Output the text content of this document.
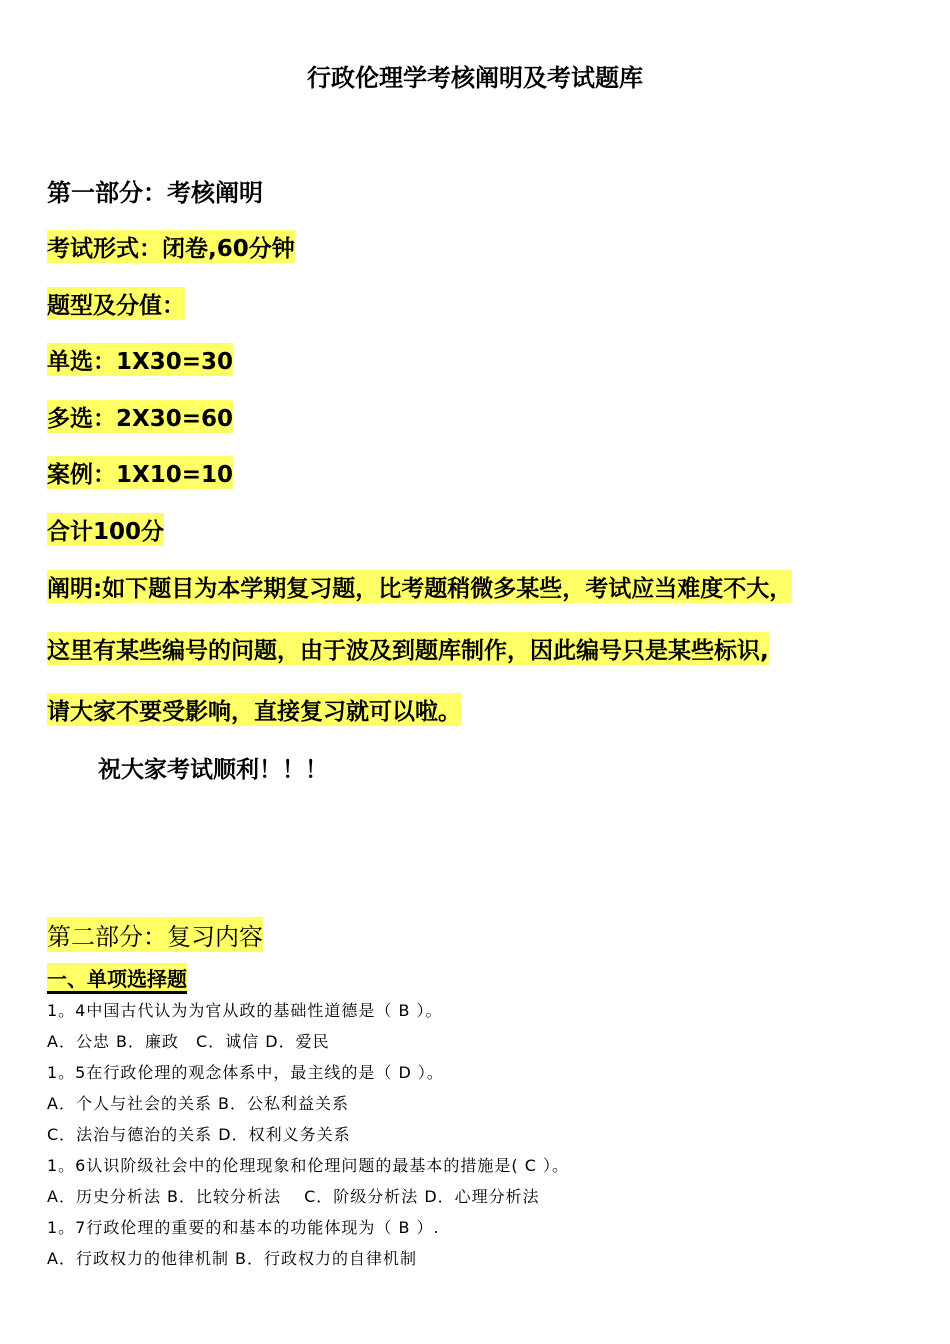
行政伦理学考核阐明及考试题库
第一部分：考核阐明
考试形式：闭卷,60分钟
题型及分值：
单选：1X30=30
多选：2X30=60
案例：1X10=10
合计100分
阐明:如下题目为本学期复习题，比考题稍微多某些，考试应当难度不大，
这里有某些编号的问题，由于波及到题库制作，因此编号只是某些标识,
请大家不要受影响，直接复习就可以啦。
祝大家考试顺利！！！
第二部分：复习内容
一、单项选择题
1。4中国古代认为为官从政的基础性道德是（ B ）。
A．公忠 B．廉政　C．诚信 D．爱民
1。5在行政伦理的观念体系中，最主线的是（ D ）。
A．个人与社会的关系 B．公私利益关系
C．法治与德治的关系 D．权利义务关系
1。6认识阶级社会中的伦理现象和伦理问题的最基本的措施是( C ）。
A．历史分析法 B．比较分析法　 C．阶级分析法 D．心理分析法
1。7行政伦理的重要的和基本的功能体现为（ B ）.
A．行政权力的他律机制 B．行政权力的自律机制
